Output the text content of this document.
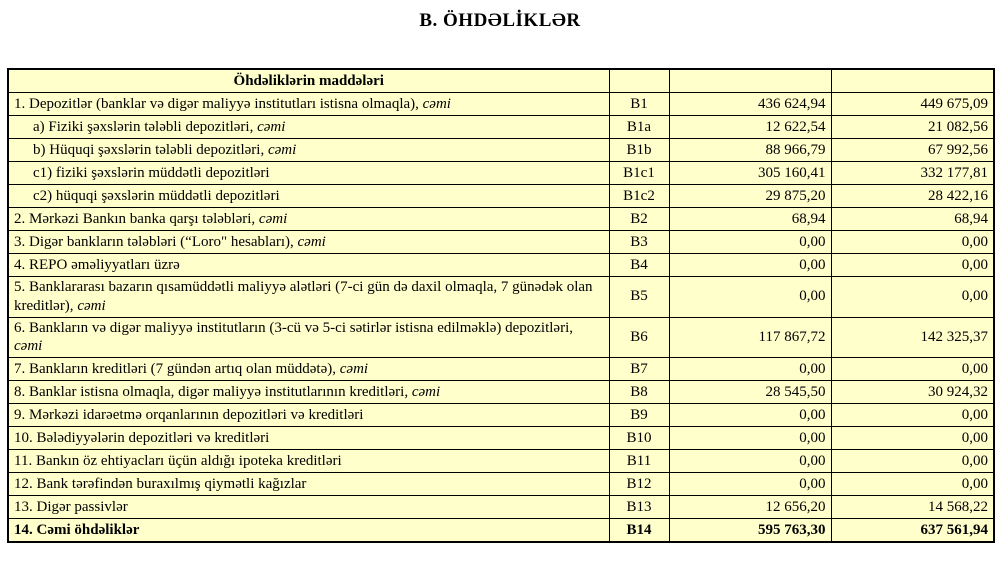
B. ÖHDƏLİKLƏR
Öhdəliklərin maddələri			
1. Depozitlər (banklar və digər maliyyə institutları istisna olmaqla), cəmi	B1	436 624,94	449 675,09
a) Fiziki şəxslərin tələbli depozitləri, cəmi	B1a	12 622,54	21 082,56
b) Hüquqi şəxslərin tələbli depozitləri, cəmi	B1b	88 966,79	67 992,56
c1) fiziki şəxslərin müddətli depozitləri	B1c1	305 160,41	332 177,81
c2) hüquqi şəxslərin müddətli depozitləri	B1c2	29 875,20	28 422,16
2. Mərkəzi Bankın banka qarşı tələbləri, cəmi	B2	68,94	68,94
3. Digər bankların tələbləri (“Loro" hesabları), cəmi	B3	0,00	0,00
4. REPO əməliyyatları üzrə	B4	0,00	0,00
5. Banklararası bazarın qısamüddətli maliyyə alətləri (7-ci gün də daxil olmaqla, 7 günədək olan kreditlər), cəmi	B5	0,00	0,00
6. Bankların və digər maliyyə institutların (3-cü və 5-ci sətirlər istisna edilməklə) depozitləri, cəmi	B6	117 867,72	142 325,37
7. Bankların kreditləri (7 gündən artıq olan müddətə), cəmi	B7	0,00	0,00
8. Banklar istisna olmaqla, digər maliyyə institutlarının kreditləri, cəmi	B8	28 545,50	30 924,32
9. Mərkəzi idarəetmə orqanlarının depozitləri və kreditləri	B9	0,00	0,00
10. Bələdiyyələrin depozitləri və kreditləri	B10	0,00	0,00
11. Bankın öz ehtiyacları üçün aldığı ipoteka kreditləri	B11	0,00	0,00
12. Bank tərəfindən buraxılmış qiymətli kağızlar	B12	0,00	0,00
13. Digər passivlər	B13	12 656,20	14 568,22
14. Cəmi öhdəliklər	B14	595 763,30	637 561,94
